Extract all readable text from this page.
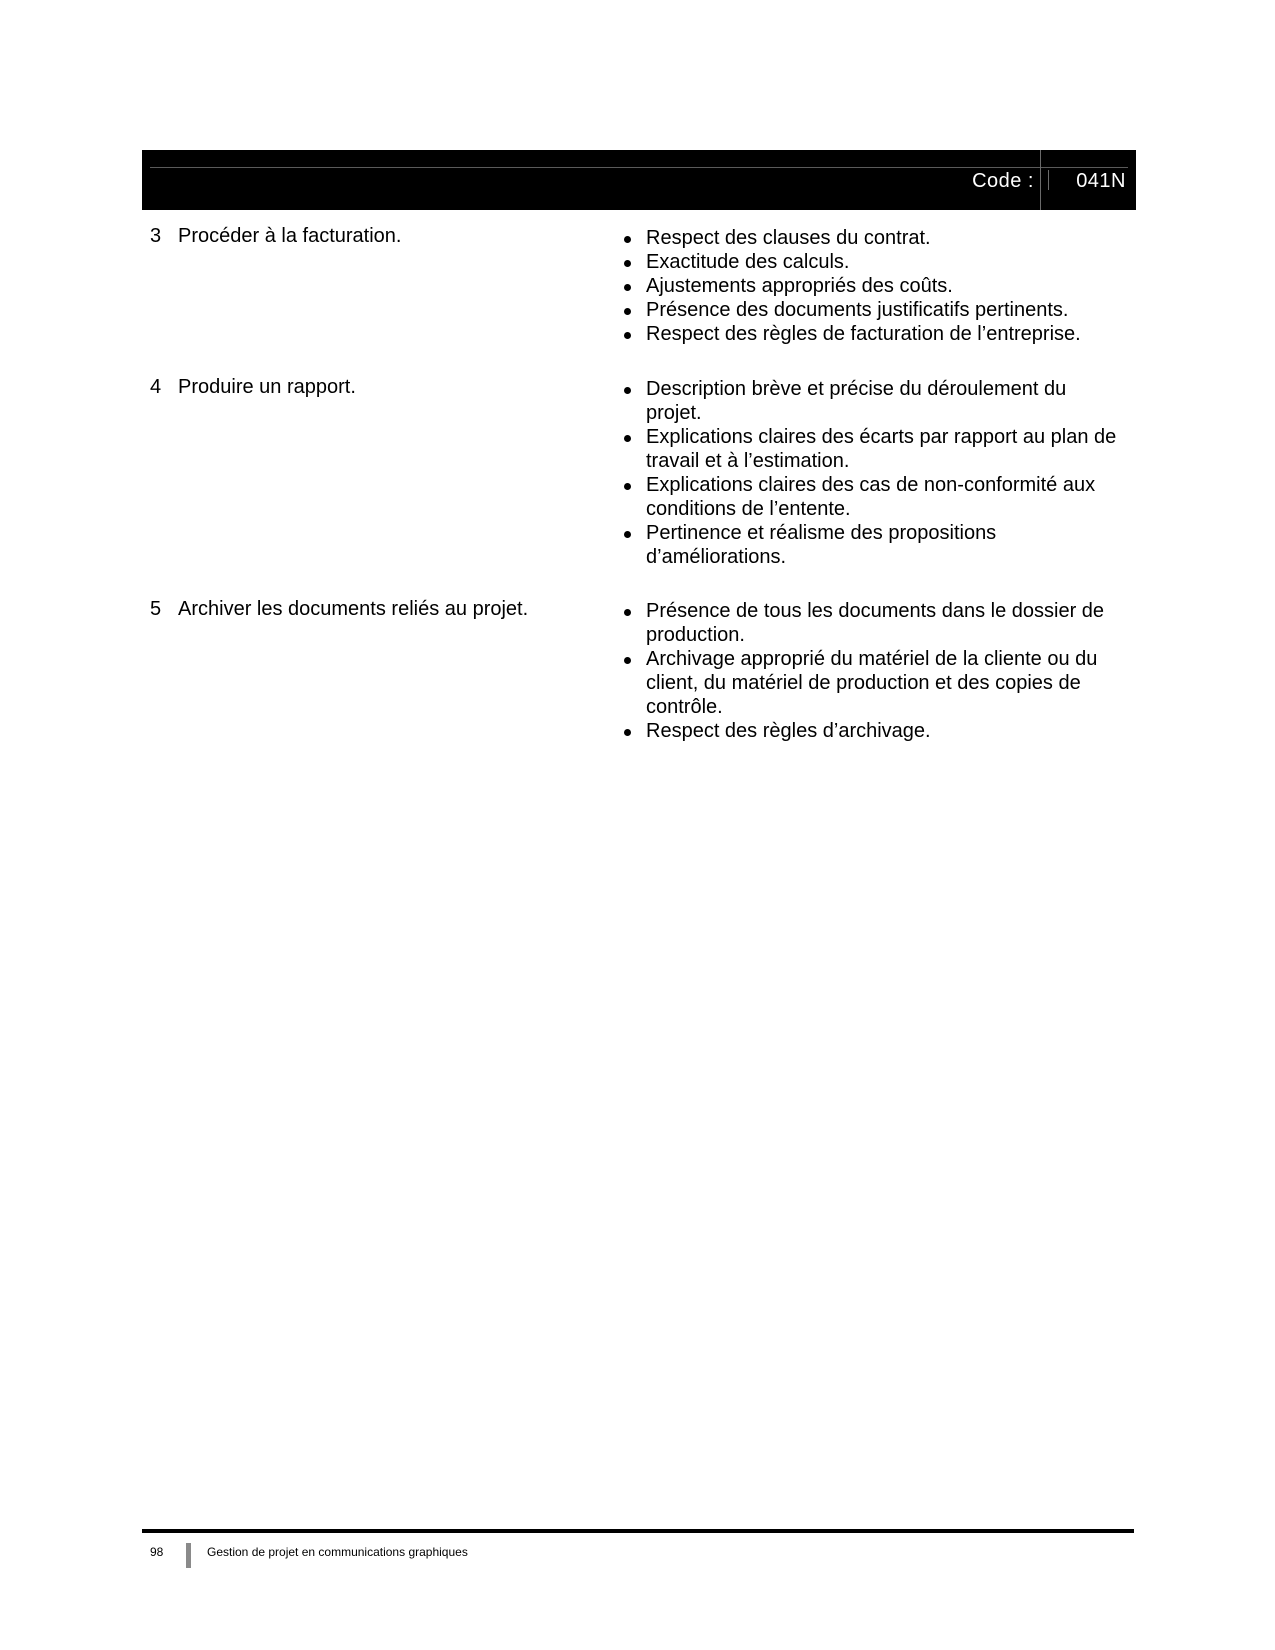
Code : 041N
3 Procéder à la facturation.	Respect des clauses du contrat.
Exactitude des calculs.
Ajustements appropriés des coûts.
Présence des documents justificatifs pertinents.
Respect des règles de facturation de l’entreprise.
4 Produire un rapport.	Description brève et précise du déroulement du projet.
Explications claires des écarts par rapport au plan de travail et à l’estimation.
Explications claires des cas de non-conformité aux conditions de l’entente.
Pertinence et réalisme des propositions d’améliorations.
5 Archiver les documents reliés au projet.	Présence de tous les documents dans le dossier de production.
Archivage approprié du matériel de la cliente ou du client, du matériel de production et des copies de contrôle.
Respect des règles d’archivage.
98	Gestion de projet en communications graphiques
